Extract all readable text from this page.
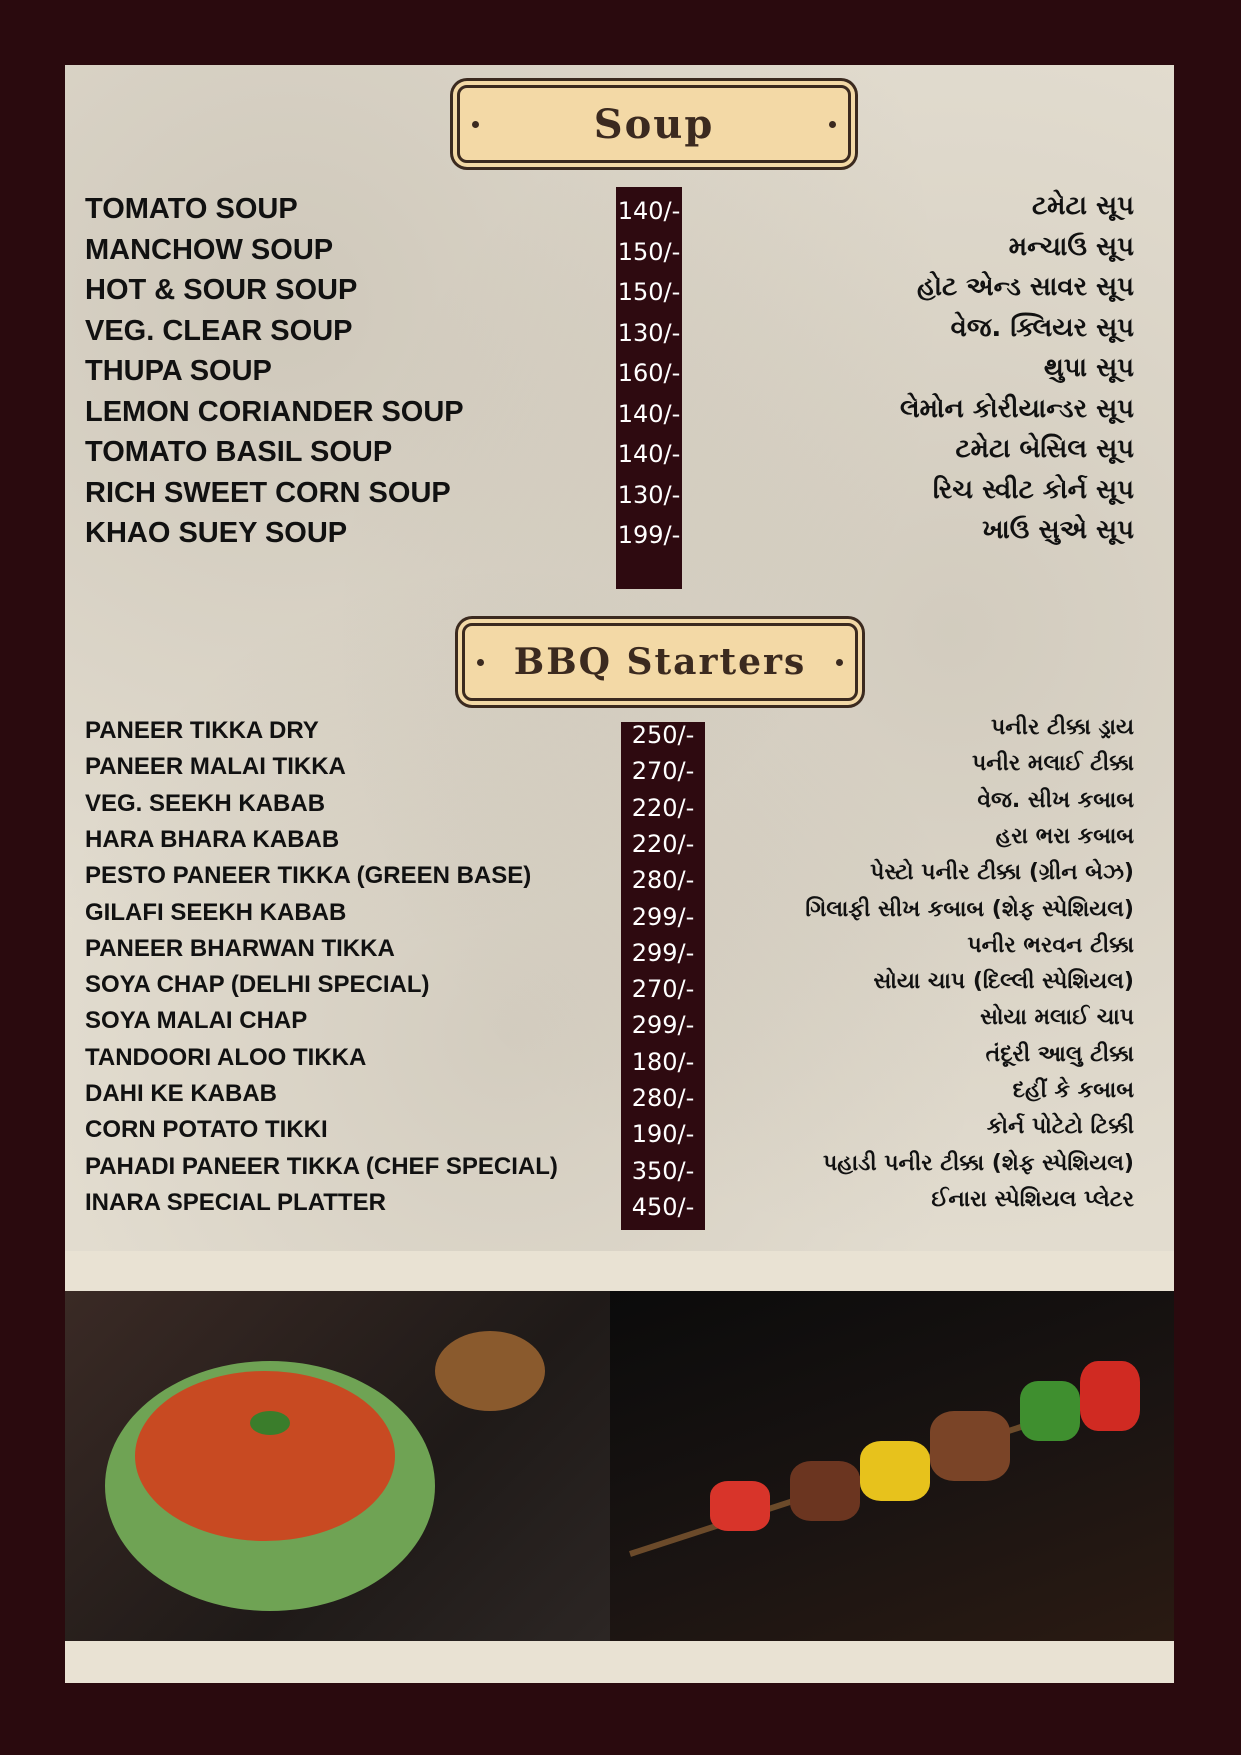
Soup
TOMATO SOUP	140/-	ટમેટા સૂપ
MANCHOW SOUP	150/-	મન્ચાઉ સૂપ
HOT & SOUR SOUP	150/-	હોટ એન્ડ સાવર સૂપ
VEG. CLEAR SOUP	130/-	વેજ. ક્લિયર સૂપ
THUPA SOUP	160/-	થુપા સૂપ
LEMON CORIANDER SOUP	140/-	લેમોન કોરીયાન્ડર સૂપ
TOMATO BASIL SOUP	140/-	ટમેટા બેસિલ સૂપ
RICH SWEET CORN SOUP	130/-	રિચ સ્વીટ કોર્ન સૂપ
KHAO SUEY SOUP	199/-	ખાઉ સુએ સૂપ
BBQ Starters
PANEER TIKKA DRY	250/-	પનીર ટીક્કા ડ્રાય
PANEER MALAI TIKKA	270/-	પનીર મલાઈ ટીક્કા
VEG. SEEKH KABAB	220/-	વેજ. સીખ કબાબ
HARA BHARA KABAB	220/-	હરા ભરા કબાબ
PESTO PANEER TIKKA (GREEN BASE)	280/-	પેસ્ટો પનીર ટીક્કા (ગ્રીન બેઝ)
GILAFI SEEKH KABAB	299/-	ગિલાફી સીખ કબાબ (શેફ સ્પેશિયલ)
PANEER BHARWAN TIKKA	299/-	પનીર ભરવન ટીક્કા
SOYA CHAP (DELHI SPECIAL)	270/-	સોયા ચાપ (દિલ્લી સ્પેશિયલ)
SOYA MALAI CHAP	299/-	સોયા મલાઈ ચાપ
TANDOORI ALOO TIKKA	180/-	તંદૂરી આલુ ટીક્કા
DAHI KE KABAB	280/-	દહીં કે કબાબ
CORN POTATO TIKKI	190/-	કોર્ન પોટેટો ટિક્કી
PAHADI PANEER TIKKA (CHEF SPECIAL)	350/-	પહાડી પનીર ટીક્કા (શેફ સ્પેશિયલ)
INARA SPECIAL PLATTER	450/-	ઈનારા સ્પેશિયલ પ્લેટર
